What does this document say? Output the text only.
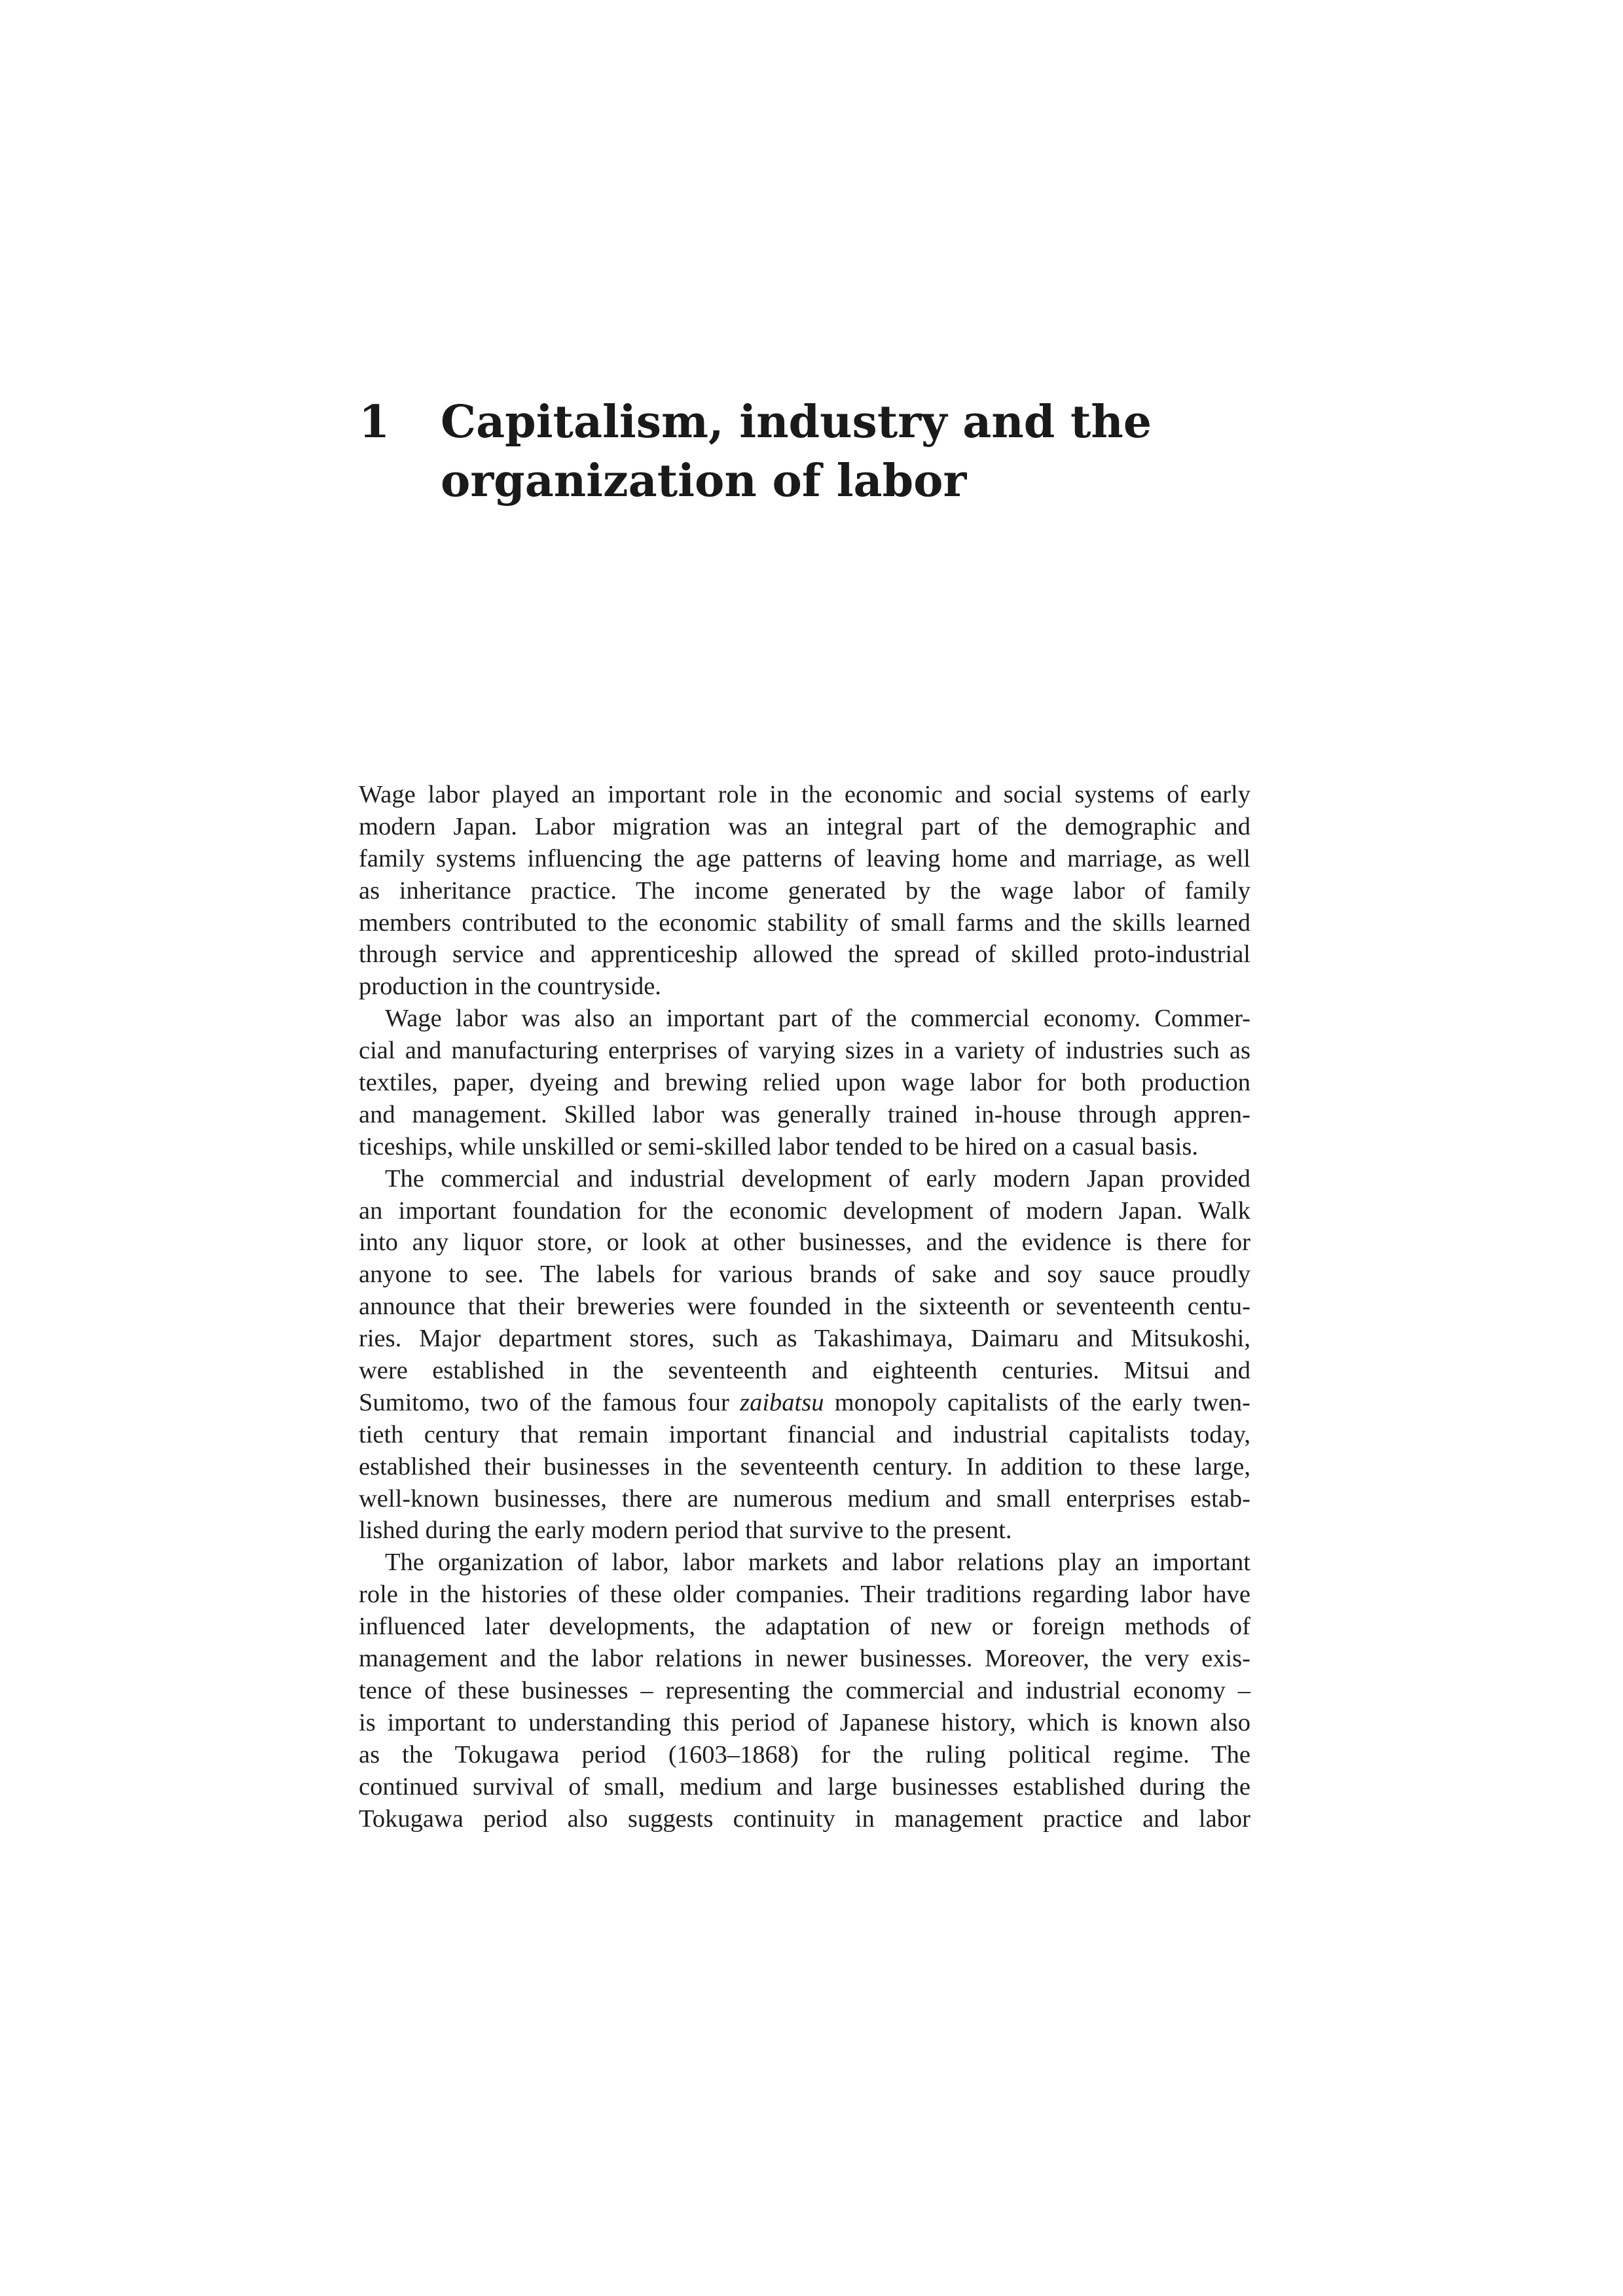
1 Capitalism, industry and the
organization of labor
Wage labor played an important role in the economic and social systems of early
modern Japan. Labor migration was an integral part of the demographic and
family systems influencing the age patterns of leaving home and marriage, as well
as inheritance practice. The income generated by the wage labor of family
members contributed to the economic stability of small farms and the skills learned
through service and apprenticeship allowed the spread of skilled proto-industrial
production in the countryside.
Wage labor was also an important part of the commercial economy. Commer-
cial and manufacturing enterprises of varying sizes in a variety of industries such as
textiles, paper, dyeing and brewing relied upon wage labor for both production
and management. Skilled labor was generally trained in-house through appren-
ticeships, while unskilled or semi-skilled labor tended to be hired on a casual basis.
The commercial and industrial development of early modern Japan provided
an important foundation for the economic development of modern Japan. Walk
into any liquor store, or look at other businesses, and the evidence is there for
anyone to see. The labels for various brands of sake and soy sauce proudly
announce that their breweries were founded in the sixteenth or seventeenth centu-
ries. Major department stores, such as Takashimaya, Daimaru and Mitsukoshi,
were established in the seventeenth and eighteenth centuries. Mitsui and
Sumitomo, two of the famous four zaibatsu monopoly capitalists of the early twen-
tieth century that remain important financial and industrial capitalists today,
established their businesses in the seventeenth century. In addition to these large,
well-known businesses, there are numerous medium and small enterprises estab-
lished during the early modern period that survive to the present.
The organization of labor, labor markets and labor relations play an important
role in the histories of these older companies. Their traditions regarding labor have
influenced later developments, the adaptation of new or foreign methods of
management and the labor relations in newer businesses. Moreover, the very exis-
tence of these businesses – representing the commercial and industrial economy –
is important to understanding this period of Japanese history, which is known also
as the Tokugawa period (1603–1868) for the ruling political regime. The
continued survival of small, medium and large businesses established during the
Tokugawa period also suggests continuity in management practice and labor
